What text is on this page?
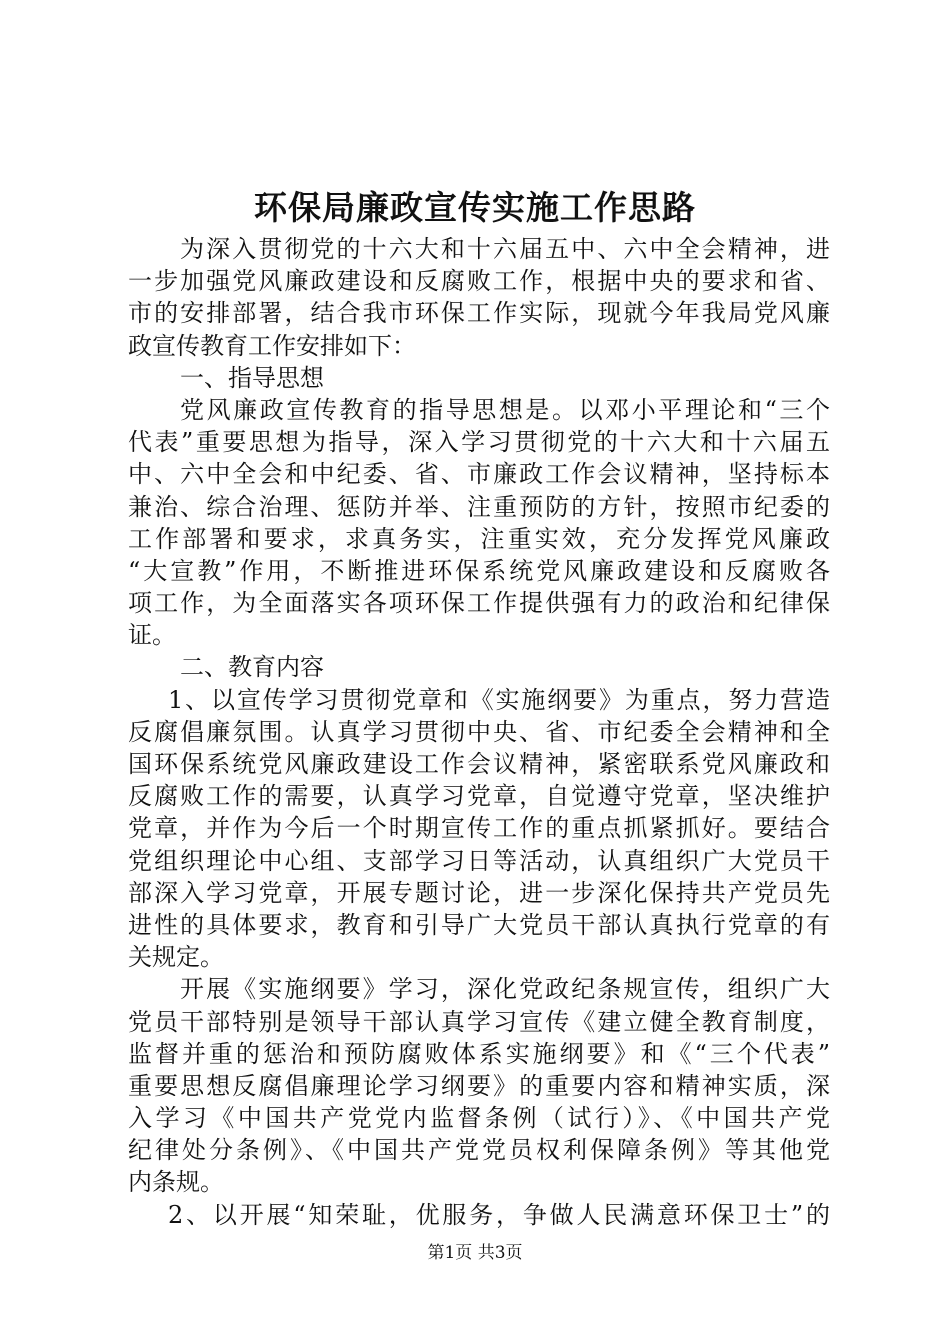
环保局廉政宣传实施工作思路
为深入贯彻党的十六大和十六届五中、六中全会精神，进
一步加强党风廉政建设和反腐败工作，根据中央的要求和省、
市的安排部署，结合我市环保工作实际，现就今年我局党风廉
政宣传教育工作安排如下：
一、指导思想
党风廉政宣传教育的指导思想是。以邓小平理论和“三个
代表”重要思想为指导，深入学习贯彻党的十六大和十六届五
中、六中全会和中纪委、省、市廉政工作会议精神，坚持标本
兼治、综合治理、惩防并举、注重预防的方针，按照市纪委的
工作部署和要求，求真务实，注重实效，充分发挥党风廉政
“大宣教”作用，不断推进环保系统党风廉政建设和反腐败各
项工作，为全面落实各项环保工作提供强有力的政治和纪律保
证。
二、教育内容
1、以宣传学习贯彻党章和《实施纲要》为重点，努力营造
反腐倡廉氛围。认真学习贯彻中央、省、市纪委全会精神和全
国环保系统党风廉政建设工作会议精神，紧密联系党风廉政和
反腐败工作的需要，认真学习党章，自觉遵守党章，坚决维护
党章，并作为今后一个时期宣传工作的重点抓紧抓好。要结合
党组织理论中心组、支部学习日等活动，认真组织广大党员干
部深入学习党章，开展专题讨论，进一步深化保持共产党员先
进性的具体要求，教育和引导广大党员干部认真执行党章的有
关规定。
开展《实施纲要》学习，深化党政纪条规宣传，组织广大
党员干部特别是领导干部认真学习宣传《建立健全教育制度，
监督并重的惩治和预防腐败体系实施纲要》和《“三个代表”
重要思想反腐倡廉理论学习纲要》的重要内容和精神实质，深
入学习《中国共产党党内监督条例（试行）》、《中国共产党
纪律处分条例》、《中国共产党党员权利保障条例》等其他党
内条规。
2、以开展“知荣耻，优服务，争做人民满意环保卫士”的
第1页 共3页
